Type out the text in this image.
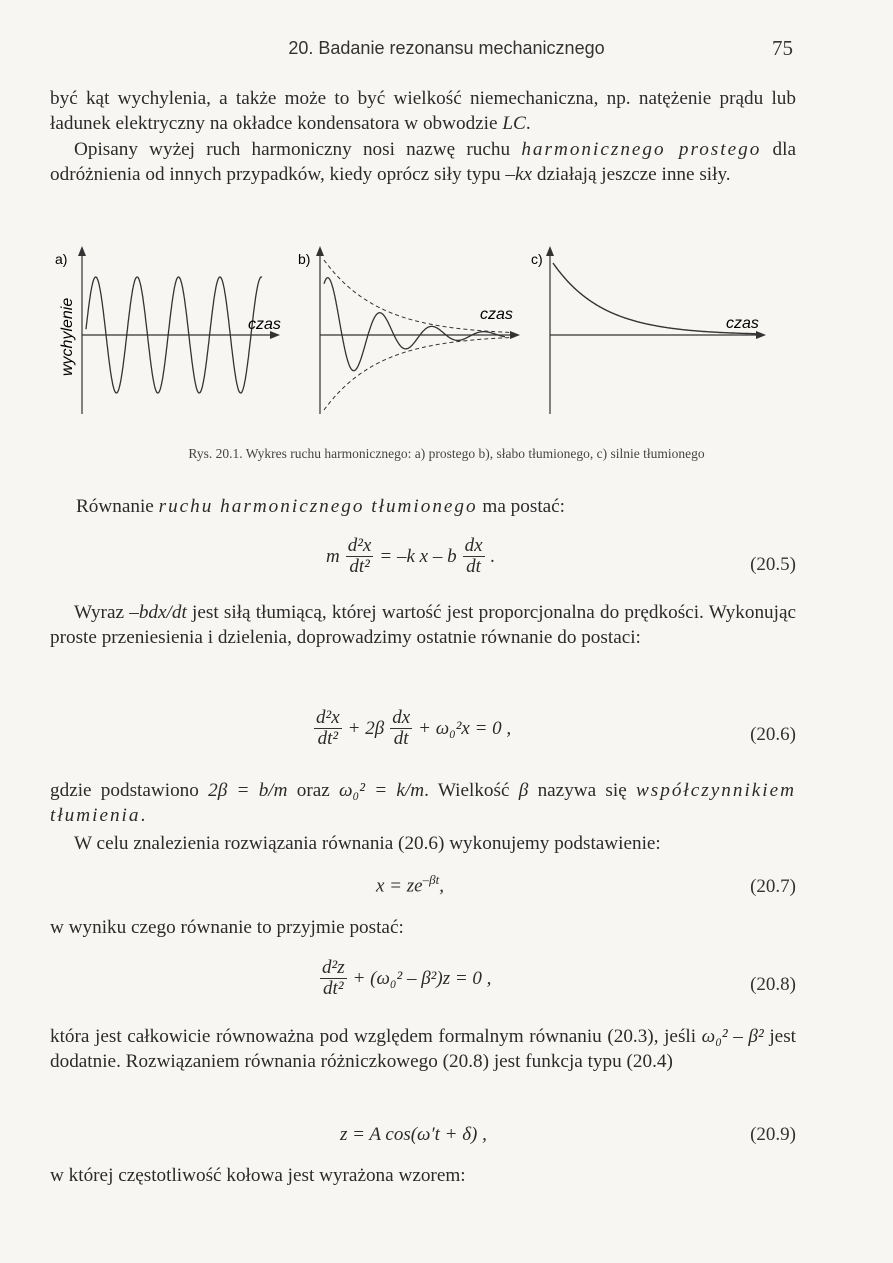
20. Badanie rezonansu mechanicznego	75

być kąt wychylenia, a także może to być wielkość niemechaniczna, np. natężenie prądu lub ładunek elektryczny na okładce kondensatora w obwodzie LC.

Opisany wyżej ruch harmoniczny nosi nazwę ruchu harmonicznego prostego dla odróżnienia od innych przypadków, kiedy oprócz siły typu –kx działają jeszcze inne siły.

a)
czas
wychylenie
b)
czas
c)
czas
Rys. 20.1. Wykres ruchu harmonicznego: a) prostego b), słabo tłumionego, c) silnie tłumionego

Równanie ruchu harmonicznego tłumionego ma postać:

m $\frac{\text{d²x}}{\text{dt²}} = -k$ x – b $\frac{dx}{dt}$ .	(20.5)

Wyraz –bdx/dt jest siłą tłumiącą, której wartość jest proporcjonalna do prędkości. Wykonując proste przeniesienia i dzielenia, doprowadzimy ostatnie równanie do postaci:

$\frac{\text{d²x}}{\text{dt²}} + 2\beta \frac{dx}{dt} + \omega_0^2x = 0$ ,	(20.6)

gdzie podstawiono 2β = b/m oraz ω₀² = k/m. Wielkość β nazywa się współczynnikiem tłumienia.

W celu znalezienia rozwiązania równania (20.6) wykonujemy podstawienie:

$x = ze^{-\beta t}$,	(20.7)

w wyniku czego równanie to przyjmie postać:

$\frac{\text{d²z}}{\text{dt²}} + (\omega_0^2 - \beta^2)z = 0$ ,	(20.8)

która jest całkowicie równoważna pod względem formalnym równaniu (20.3), jeśli ω₀² – β² jest dodatnie. Rozwiązaniem równania różniczkowego (20.8) jest funkcja typu (20.4)

z = A cos(ω′t + δ) ,	(20.9)

w której częstotliwość kołowa jest wyrażona wzorem:
